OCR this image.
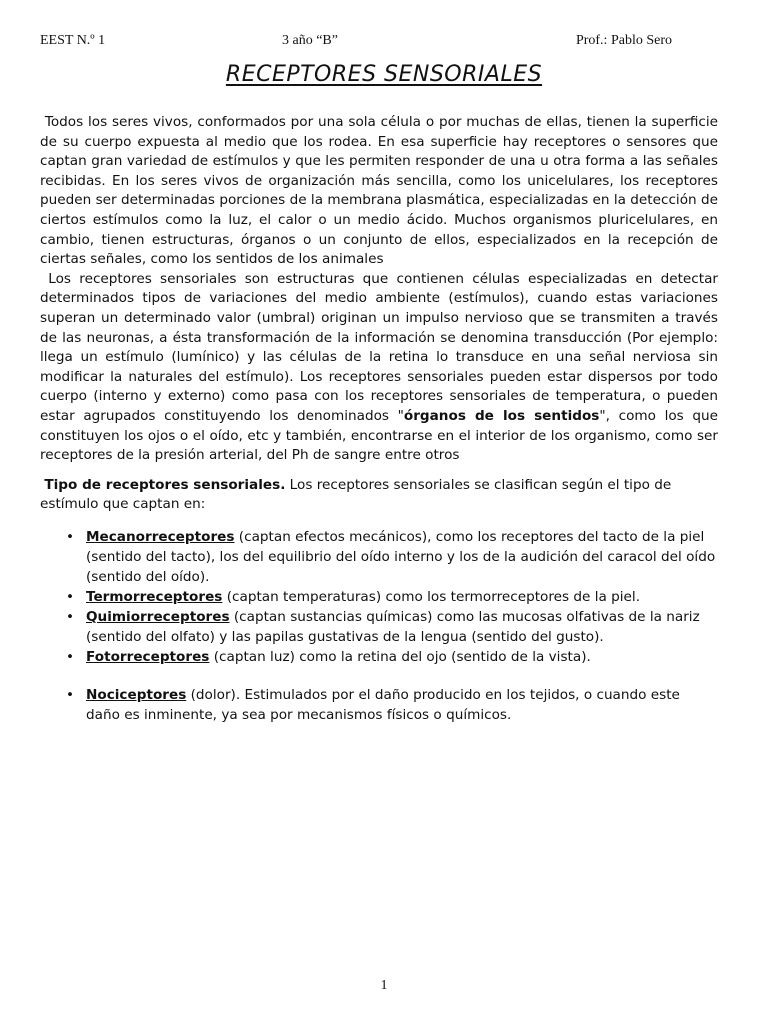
EEST N.º 1	3 año “B”	Prof.: Pablo Sero
RECEPTORES SENSORIALES

Todos los seres vivos, conformados por una sola célula o por muchas de ellas, tienen la superficie de su cuerpo expuesta al medio que los rodea. En esa superficie hay receptores o sensores que captan gran variedad de estímulos y que les permiten responder de una u otra forma a las señales recibidas. En los seres vivos de organización más sencilla, como los unicelulares, los receptores pueden ser determinadas porciones de la membrana plasmática, especializadas en la detección de ciertos estímulos como la luz, el calor o un medio ácido. Muchos organismos pluricelulares, en cambio, tienen estructuras, órganos o un conjunto de ellos, especializados en la recepción de ciertas señales, como los sentidos de los animales

Los receptores sensoriales son estructuras que contienen células especializadas en detectar determinados tipos de variaciones del medio ambiente (estímulos), cuando estas variaciones superan un determinado valor (umbral) originan un impulso nervioso que se transmiten a través de las neuronas, a ésta transformación de la información se denomina transducción (Por ejemplo: llega un estímulo (lumínico) y las células de la retina lo transduce en una señal nerviosa sin modificar la naturales del estímulo). Los receptores sensoriales pueden estar dispersos por todo cuerpo (interno y externo) como pasa con los receptores sensoriales de temperatura, o pueden estar agrupados constituyendo los denominados "órganos de los sentidos", como los que constituyen los ojos o el oído, etc y también, encontrarse en el interior de los organismo, como ser receptores de la presión arterial, del Ph de sangre entre otros

Tipo de receptores sensoriales. Los receptores sensoriales se clasifican según el tipo de estímulo que captan en:

• Mecanorreceptores (captan efectos mecánicos), como los receptores del tacto de la piel (sentido del tacto), los del equilibrio del oído interno y los de la audición del caracol del oído (sentido del oído).
• Termorreceptores (captan temperaturas) como los termorreceptores de la piel.
• Quimiorreceptores (captan sustancias químicas) como las mucosas olfativas de la nariz (sentido del olfato) y las papilas gustativas de la lengua (sentido del gusto).
• Fotorreceptores (captan luz) como la retina del ojo (sentido de la vista).
• Nociceptores (dolor). Estimulados por el daño producido en los tejidos, o cuando este daño es inminente, ya sea por mecanismos físicos o químicos.
1
